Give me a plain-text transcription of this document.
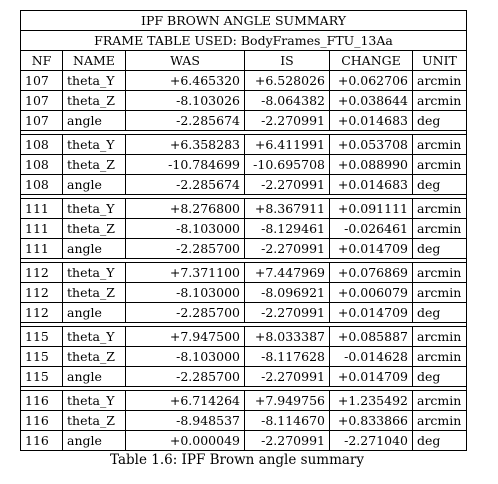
IPF BROWN ANGLE SUMMARY					
FRAME TABLE USED: BodyFrames_FTU_13Aa					
NF	NAME	WAS	IS	CHANGE	UNIT
107	theta_Y	+6.465320	+6.528026	+0.062706	arcmin
107	theta_Z	-8.103026	-8.064382	+0.038644	arcmin
107	angle	-2.285674	-2.270991	+0.014683	deg

108	theta_Y	+6.358283	+6.411991	+0.053708	arcmin
108	theta_Z	-10.784699	-10.695708	+0.088990	arcmin
108	angle	-2.285674	-2.270991	+0.014683	deg

111	theta_Y	+8.276800	+8.367911	+0.091111	arcmin
111	theta_Z	-8.103000	-8.129461	-0.026461	arcmin
111	angle	-2.285700	-2.270991	+0.014709	deg

112	theta_Y	+7.371100	+7.447969	+0.076869	arcmin
112	theta_Z	-8.103000	-8.096921	+0.006079	arcmin
112	angle	-2.285700	-2.270991	+0.014709	deg

115	theta_Y	+7.947500	+8.033387	+0.085887	arcmin
115	theta_Z	-8.103000	-8.117628	-0.014628	arcmin
115	angle	-2.285700	-2.270991	+0.014709	deg

116	theta_Y	+6.714264	+7.949756	+1.235492	arcmin
116	theta_Z	-8.948537	-8.114670	+0.833866	arcmin
116	angle	+0.000049	-2.270991	-2.271040	deg
Table 1.6: IPF Brown angle summary
